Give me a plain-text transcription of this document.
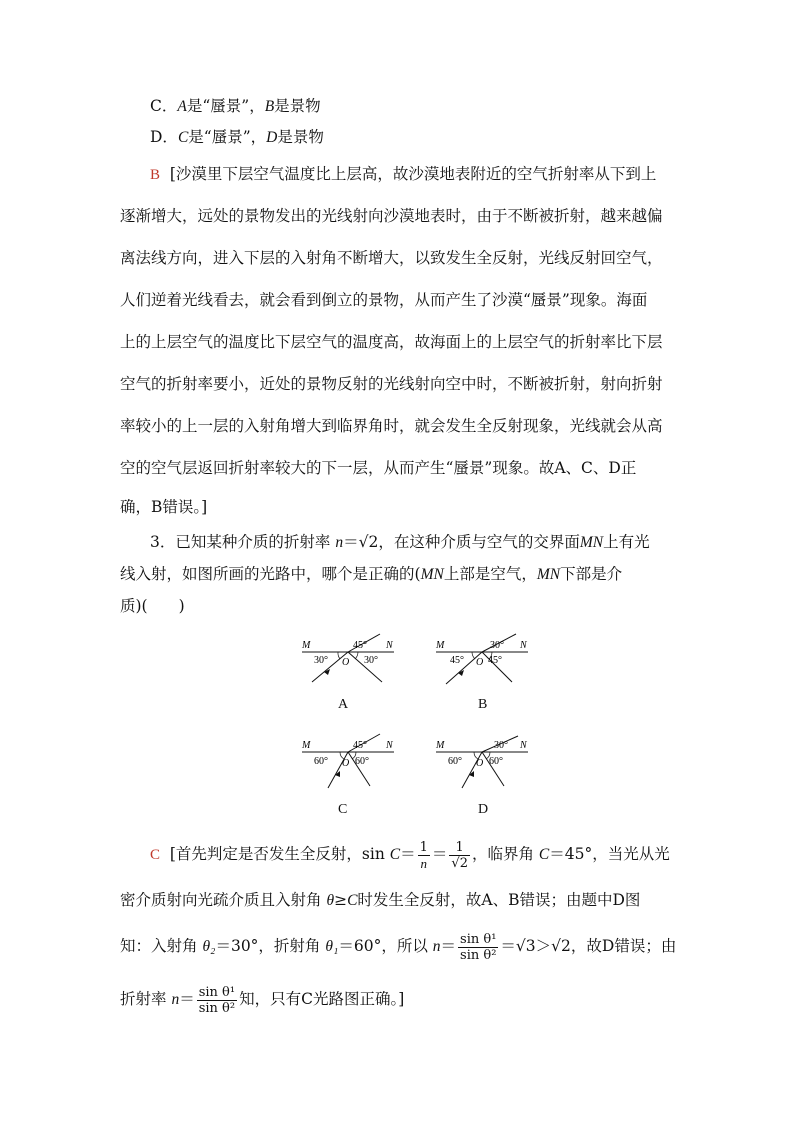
C．A是“蜃景”，B是景物
D．C是“蜃景”，D是景物
B [沙漠里下层空气温度比上层高，故沙漠地表附近的空气折射率从下到上
逐渐增大，远处的景物发出的光线射向沙漠地表时，由于不断被折射，越来越偏
离法线方向，进入下层的入射角不断增大，以致发生全反射，光线反射回空气，
人们逆着光线看去，就会看到倒立的景物，从而产生了沙漠“蜃景”现象。海面
上的上层空气的温度比下层空气的温度高，故海面上的上层空气的折射率比下层
空气的折射率要小，近处的景物反射的光线射向空中时，不断被折射，射向折射
率较小的上一层的入射角增大到临界角时，就会发生全反射现象，光线就会从高
空的空气层返回折射率较大的下一层，从而产生“蜃景”现象。故A、C、D正
确，B错误。]
3．已知某种介质的折射率 n＝√2，在这种介质与空气的交界面MN上有光
线入射，如图所画的光路中，哪个是正确的(MN上部是空气，MN下部是介
质)(　　)
M	N
O
30°
45°
30°
A
M	N
O
45°
30°
45°
B
M	N
O
60°
45°
60°
C
M	N
O
60°
30°
60°
D
C [首先判定是否发生全反射，$\sin C= \frac{1}{n} = \frac{1}{√2}$ ，临界角 C＝45°，当光从光
密介质射向光疏介质且入射角 θ≥C时发生全反射，故A、B错误；由题中D图
知：入射角 θ₂＝30°，折射角 θ₁＝60°，所以 $n= \frac{\text{sin θ¹}}{\text{sin θ²}} =√3>√2$，故D错误；由
折射率 $n= \frac{\text{sin θ¹}}{\text{sin θ²}}$ 知，只有C光路图正确。]
